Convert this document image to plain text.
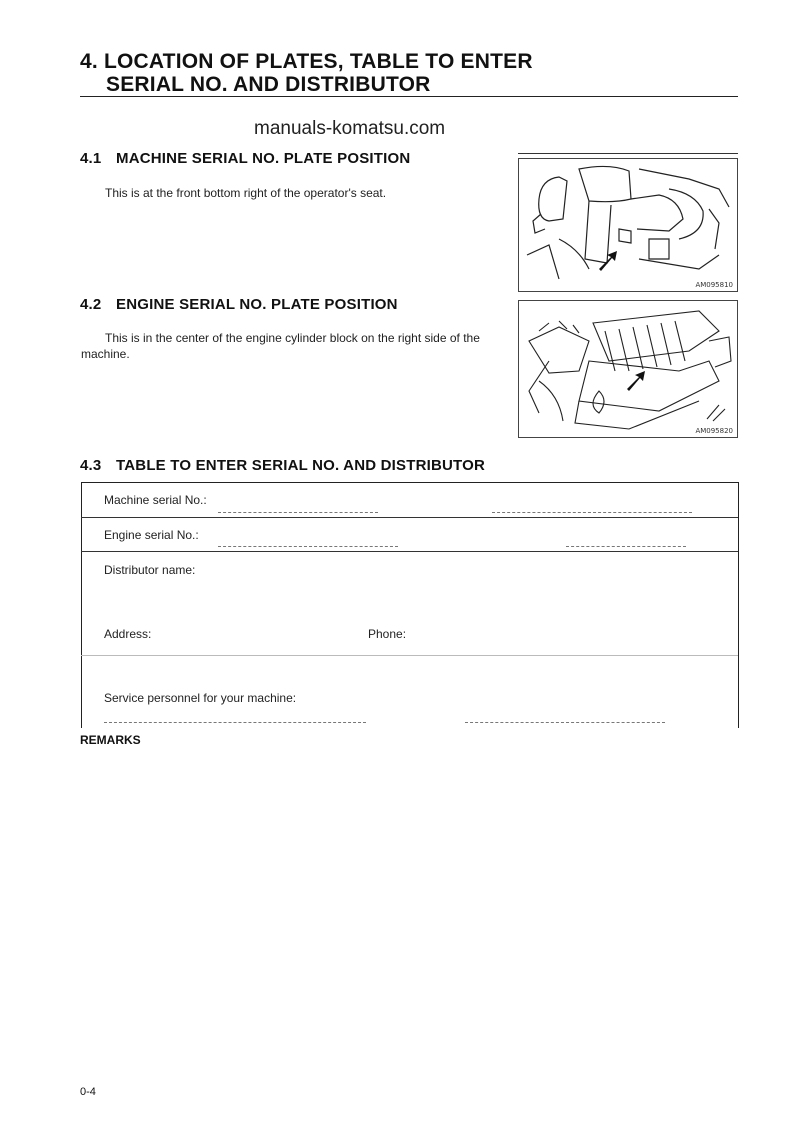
4. LOCATION OF PLATES, TABLE TO ENTER
SERIAL NO. AND DISTRIBUTOR
manuals-komatsu.com
4.1 MACHINE SERIAL NO. PLATE POSITION
This is at the front bottom right of the operator's seat.
AM095810
4.2 ENGINE SERIAL NO. PLATE POSITION
This is in the center of the engine cylinder block on the right side of the machine.
AM095820
4.3 TABLE TO ENTER SERIAL NO. AND DISTRIBUTOR
Machine serial No.:
Engine serial No.:
Distributor name:
Address:	Phone:
Service personnel for your machine:
REMARKS
0-4
